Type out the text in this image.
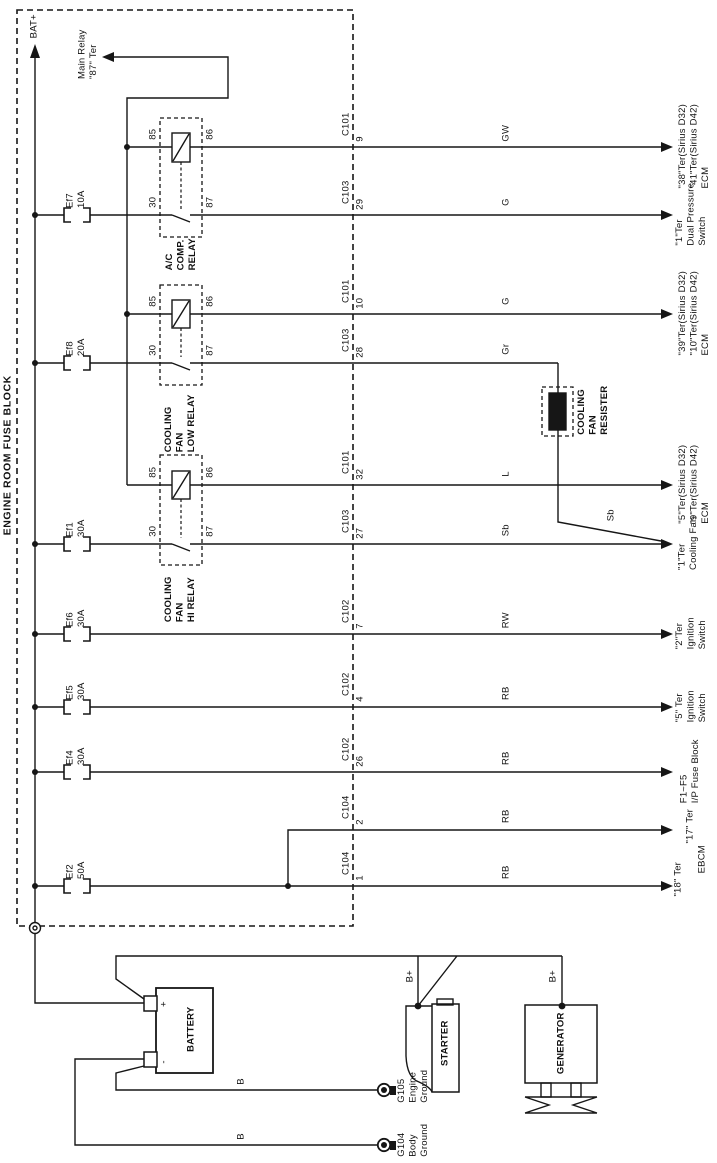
ENGINE ROOM FUSE BLOCK
BAT+
Main Relay
"87" Ter
85	86
30	87
A/C
COMP.
RELAY
85	86
30	87
COOLING
FAN
LOW RELAY
85	86
30	87
COOLING
FAN
HI RELAY
Ef7
10A
Ef8
20A
Ef1
30A
Ef6
30A
Ef5
30A
Ef4
30A
Ef2
50A
C101
9	GW
C103
29	G
C101
10	G
C103
28	Gr
C101
32	L
C103
27	Sb
C102
7	RW
C102
4	RB
C102
26	RB
C104
2	RB
C104
1	RB
"38"Ter(Sirius D32)
"41"Ter(Sirius D42)
ECM
"1"Ter
Dual Pressure
Switch
"39"Ter(Sirius D32)
"10"Ter(Sirius D42)
ECM
"5"Ter(Sirius D32)
"9"Ter(Sirius D42)
ECM
"1"Ter
Cooling Fan
"2"Ter
Ignition
Switch
"5" Ter
Ignition
Switch
F1~F5
I/P Fuse Block
"17" Ter
"18" Ter
EBCM
COOLING
FAN
RESISTER
Sb
BATTERY
+
-
B
B
B+
STARTER
B+
GENERATOR
G105
Engine
Ground
G104
Body
Ground
